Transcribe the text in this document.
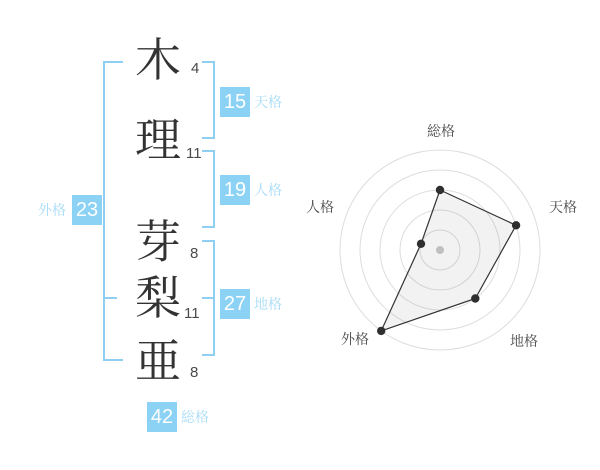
木
理
芽
梨
亜
4
11
8
11
8
15 天格
19 人格
27 地格
外格 23
42 総格
総格
天格
地格
外格
人格
